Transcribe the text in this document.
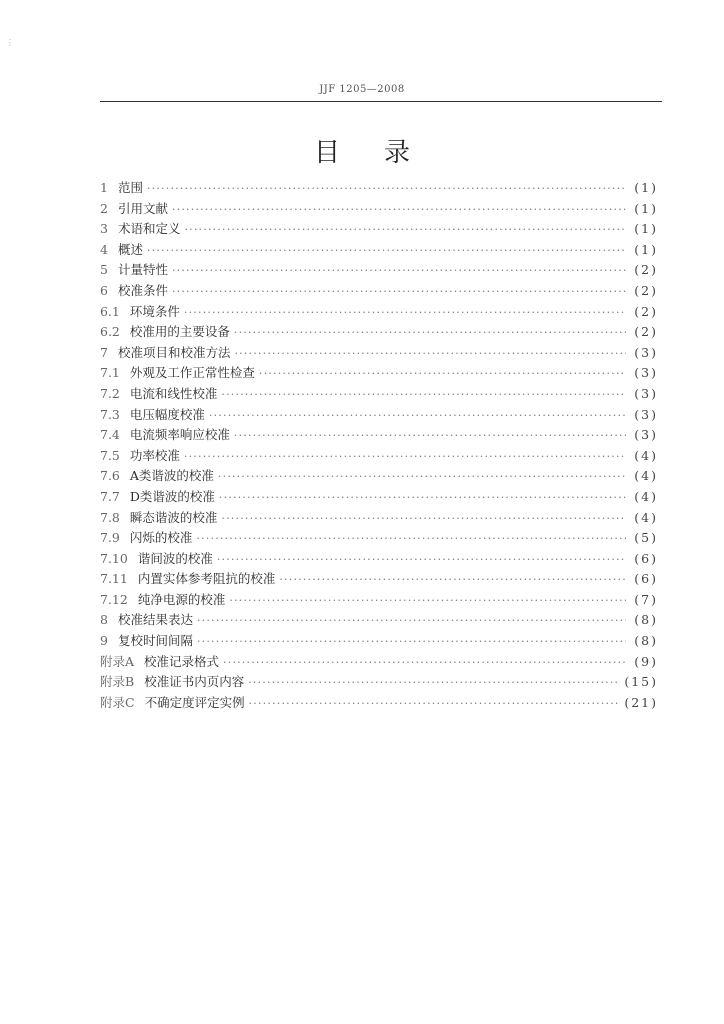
⋮
JJF 1205—2008
目录
1 范围 ·····	(1)
2 引用文献 ·····	(1)
3 术语和定义 ·····	(1)
4 概述 ·····	(1)
5 计量特性 ·····	(2)
6 校准条件 ·····	(2)
6.1 环境条件 ·····	(2)
6.2 校准用的主要设备 ·····	(2)
7 校准项目和校准方法 ·····	(3)
7.1 外观及工作正常性检查 ·····	(3)
7.2 电流和线性校准 ·····	(3)
7.3 电压幅度校准 ·····	(3)
7.4 电流频率响应校准 ·····	(3)
7.5 功率校准 ·····	(4)
7.6 A类谐波的校准 ·····	(4)
7.7 D类谐波的校准 ·····	(4)
7.8 瞬态谐波的校准 ·····	(4)
7.9 闪烁的校准 ·····	(5)
7.10 谐间波的校准 ·····	(6)
7.11 内置实体参考阻抗的校准 ·····	(6)
7.12 纯净电源的校准 ·····	(7)
8 校准结果表达 ·····	(8)
9 复校时间间隔 ·····	(8)
附录A 校准记录格式 ·····	(9)
附录B 校准证书内页内容 ·····	(15)
附录C 不确定度评定实例 ·····	(21)
